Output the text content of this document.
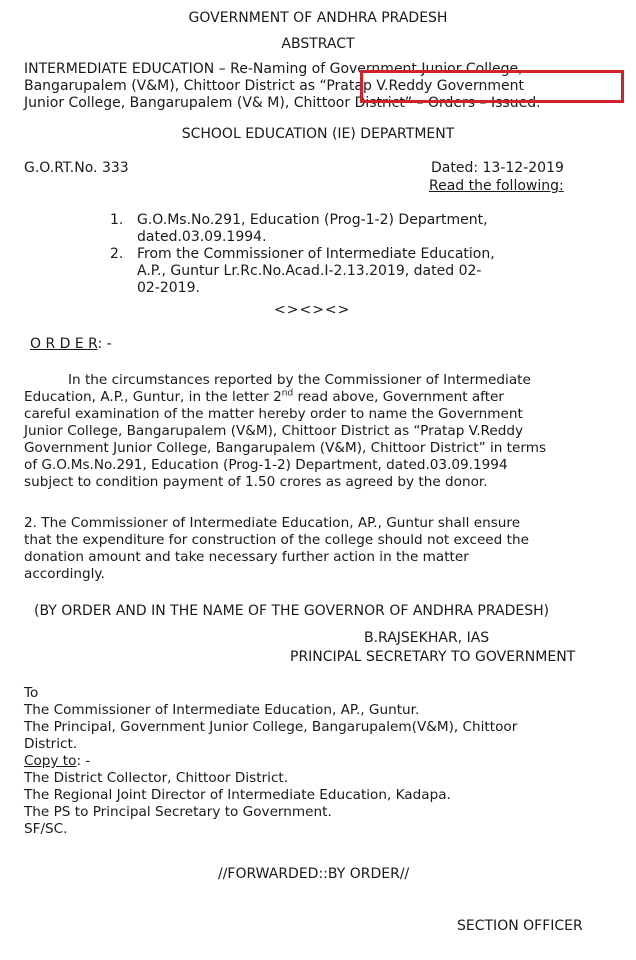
GOVERNMENT OF ANDHRA PRADESH
ABSTRACT
INTERMEDIATE EDUCATION – Re-Naming of Government Junior College,
Bangarupalem (V&M), Chittoor District as “Pratap V.Reddy Government
Junior College, Bangarupalem (V& M), Chittoor District” – Orders – Issued.
SCHOOL EDUCATION (IE) DEPARTMENT
G.O.RT.No. 333	Dated: 13-12-2019
Read the following:
1. G.O.Ms.No.291, Education (Prog-1-2) Department,
dated.03.09.1994.
2. From the Commissioner of Intermediate Education,
A.P., Guntur Lr.Rc.No.Acad.I-2.13.2019, dated 02-
02-2019.
<><><>
O R D E R: -
In the circumstances reported by the Commissioner of Intermediate
Education, A.P., Guntur, in the letter 2nd read above, Government after
careful examination of the matter hereby order to name the Government
Junior College, Bangarupalem (V&M), Chittoor District as “Pratap V.Reddy
Government Junior College, Bangarupalem (V&M), Chittoor District” in terms
of G.O.Ms.No.291, Education (Prog-1-2) Department, dated.03.09.1994
subject to condition payment of 1.50 crores as agreed by the donor.
2. The Commissioner of Intermediate Education, AP., Guntur shall ensure
that the expenditure for construction of the college should not exceed the
donation amount and take necessary further action in the matter
accordingly.
(BY ORDER AND IN THE NAME OF THE GOVERNOR OF ANDHRA PRADESH)
B.RAJSEKHAR, IAS
PRINCIPAL SECRETARY TO GOVERNMENT
To
The Commissioner of Intermediate Education, AP., Guntur.
The Principal, Government Junior College, Bangarupalem(V&M), Chittoor
District.
Copy to: -
The District Collector, Chittoor District.
The Regional Joint Director of Intermediate Education, Kadapa.
The PS to Principal Secretary to Government.
SF/SC.
//FORWARDED::BY ORDER//
SECTION OFFICER
